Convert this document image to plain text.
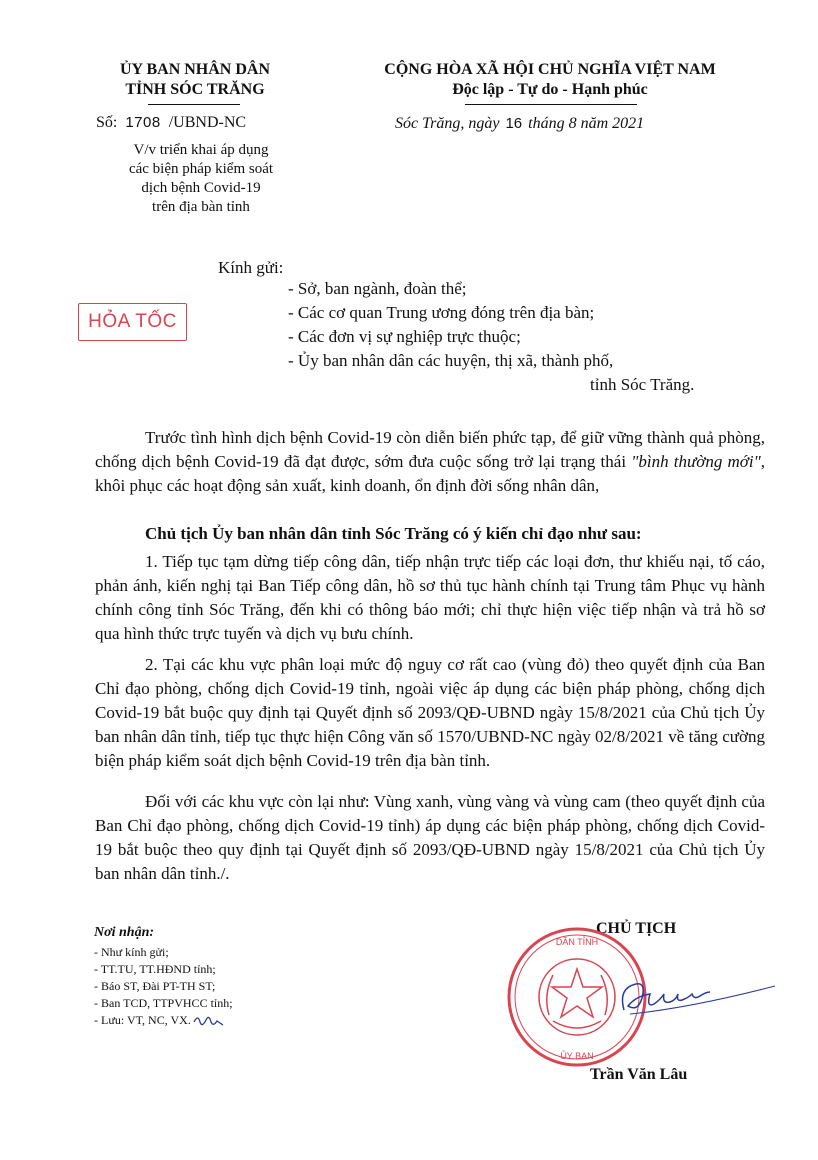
ỦY BAN NHÂN DÂN
TỈNH SÓC TRĂNG
Số: 1708 /UBND-NC
V/v triển khai áp dụng
các biện pháp kiểm soát
dịch bệnh Covid-19
trên địa bàn tỉnh
CỘNG HÒA XÃ HỘI CHỦ NGHĨA VIỆT NAM
Độc lập - Tự do - Hạnh phúc
Sóc Trăng, ngày 16 tháng 8 năm 2021
HỎA TỐC
Kính gửi:
- Sở, ban ngành, đoàn thể;
- Các cơ quan Trung ương đóng trên địa bàn;
- Các đơn vị sự nghiệp trực thuộc;
- Ủy ban nhân dân các huyện, thị xã, thành phố,
tỉnh Sóc Trăng.
Trước tình hình dịch bệnh Covid-19 còn diễn biến phức tạp, để giữ vững thành quả phòng, chống dịch bệnh Covid-19 đã đạt được, sớm đưa cuộc sống trở lại trạng thái "bình thường mới", khôi phục các hoạt động sản xuất, kinh doanh, ổn định đời sống nhân dân,
Chủ tịch Ủy ban nhân dân tỉnh Sóc Trăng có ý kiến chỉ đạo như sau:
1. Tiếp tục tạm dừng tiếp công dân, tiếp nhận trực tiếp các loại đơn, thư khiếu nại, tố cáo, phản ánh, kiến nghị tại Ban Tiếp công dân, hồ sơ thủ tục hành chính tại Trung tâm Phục vụ hành chính công tỉnh Sóc Trăng, đến khi có thông báo mới; chỉ thực hiện việc tiếp nhận và trả hồ sơ qua hình thức trực tuyến và dịch vụ bưu chính.
2. Tại các khu vực phân loại mức độ nguy cơ rất cao (vùng đỏ) theo quyết định của Ban Chỉ đạo phòng, chống dịch Covid-19 tỉnh, ngoài việc áp dụng các biện pháp phòng, chống dịch Covid-19 bắt buộc quy định tại Quyết định số 2093/QĐ-UBND ngày 15/8/2021 của Chủ tịch Ủy ban nhân dân tỉnh, tiếp tục thực hiện Công văn số 1570/UBND-NC ngày 02/8/2021 về tăng cường biện pháp kiểm soát dịch bệnh Covid-19 trên địa bàn tỉnh.
Đối với các khu vực còn lại như: Vùng xanh, vùng vàng và vùng cam (theo quyết định của Ban Chỉ đạo phòng, chống dịch Covid-19 tỉnh) áp dụng các biện pháp phòng, chống dịch Covid-19 bắt buộc theo quy định tại Quyết định số 2093/QĐ-UBND ngày 15/8/2021 của Chủ tịch Ủy ban nhân dân tỉnh./.
Nơi nhận:
- Như kính gửi;
- TT.TU, TT.HĐND tỉnh;
- Báo ST, Đài PT-TH ST;
- Ban TCD, TTPVHCC tỉnh;
- Lưu: VT, NC, VX.
CHỦ TỊCH
DÂN TỈNH
ỦY BAN
Trần Văn Lâu
